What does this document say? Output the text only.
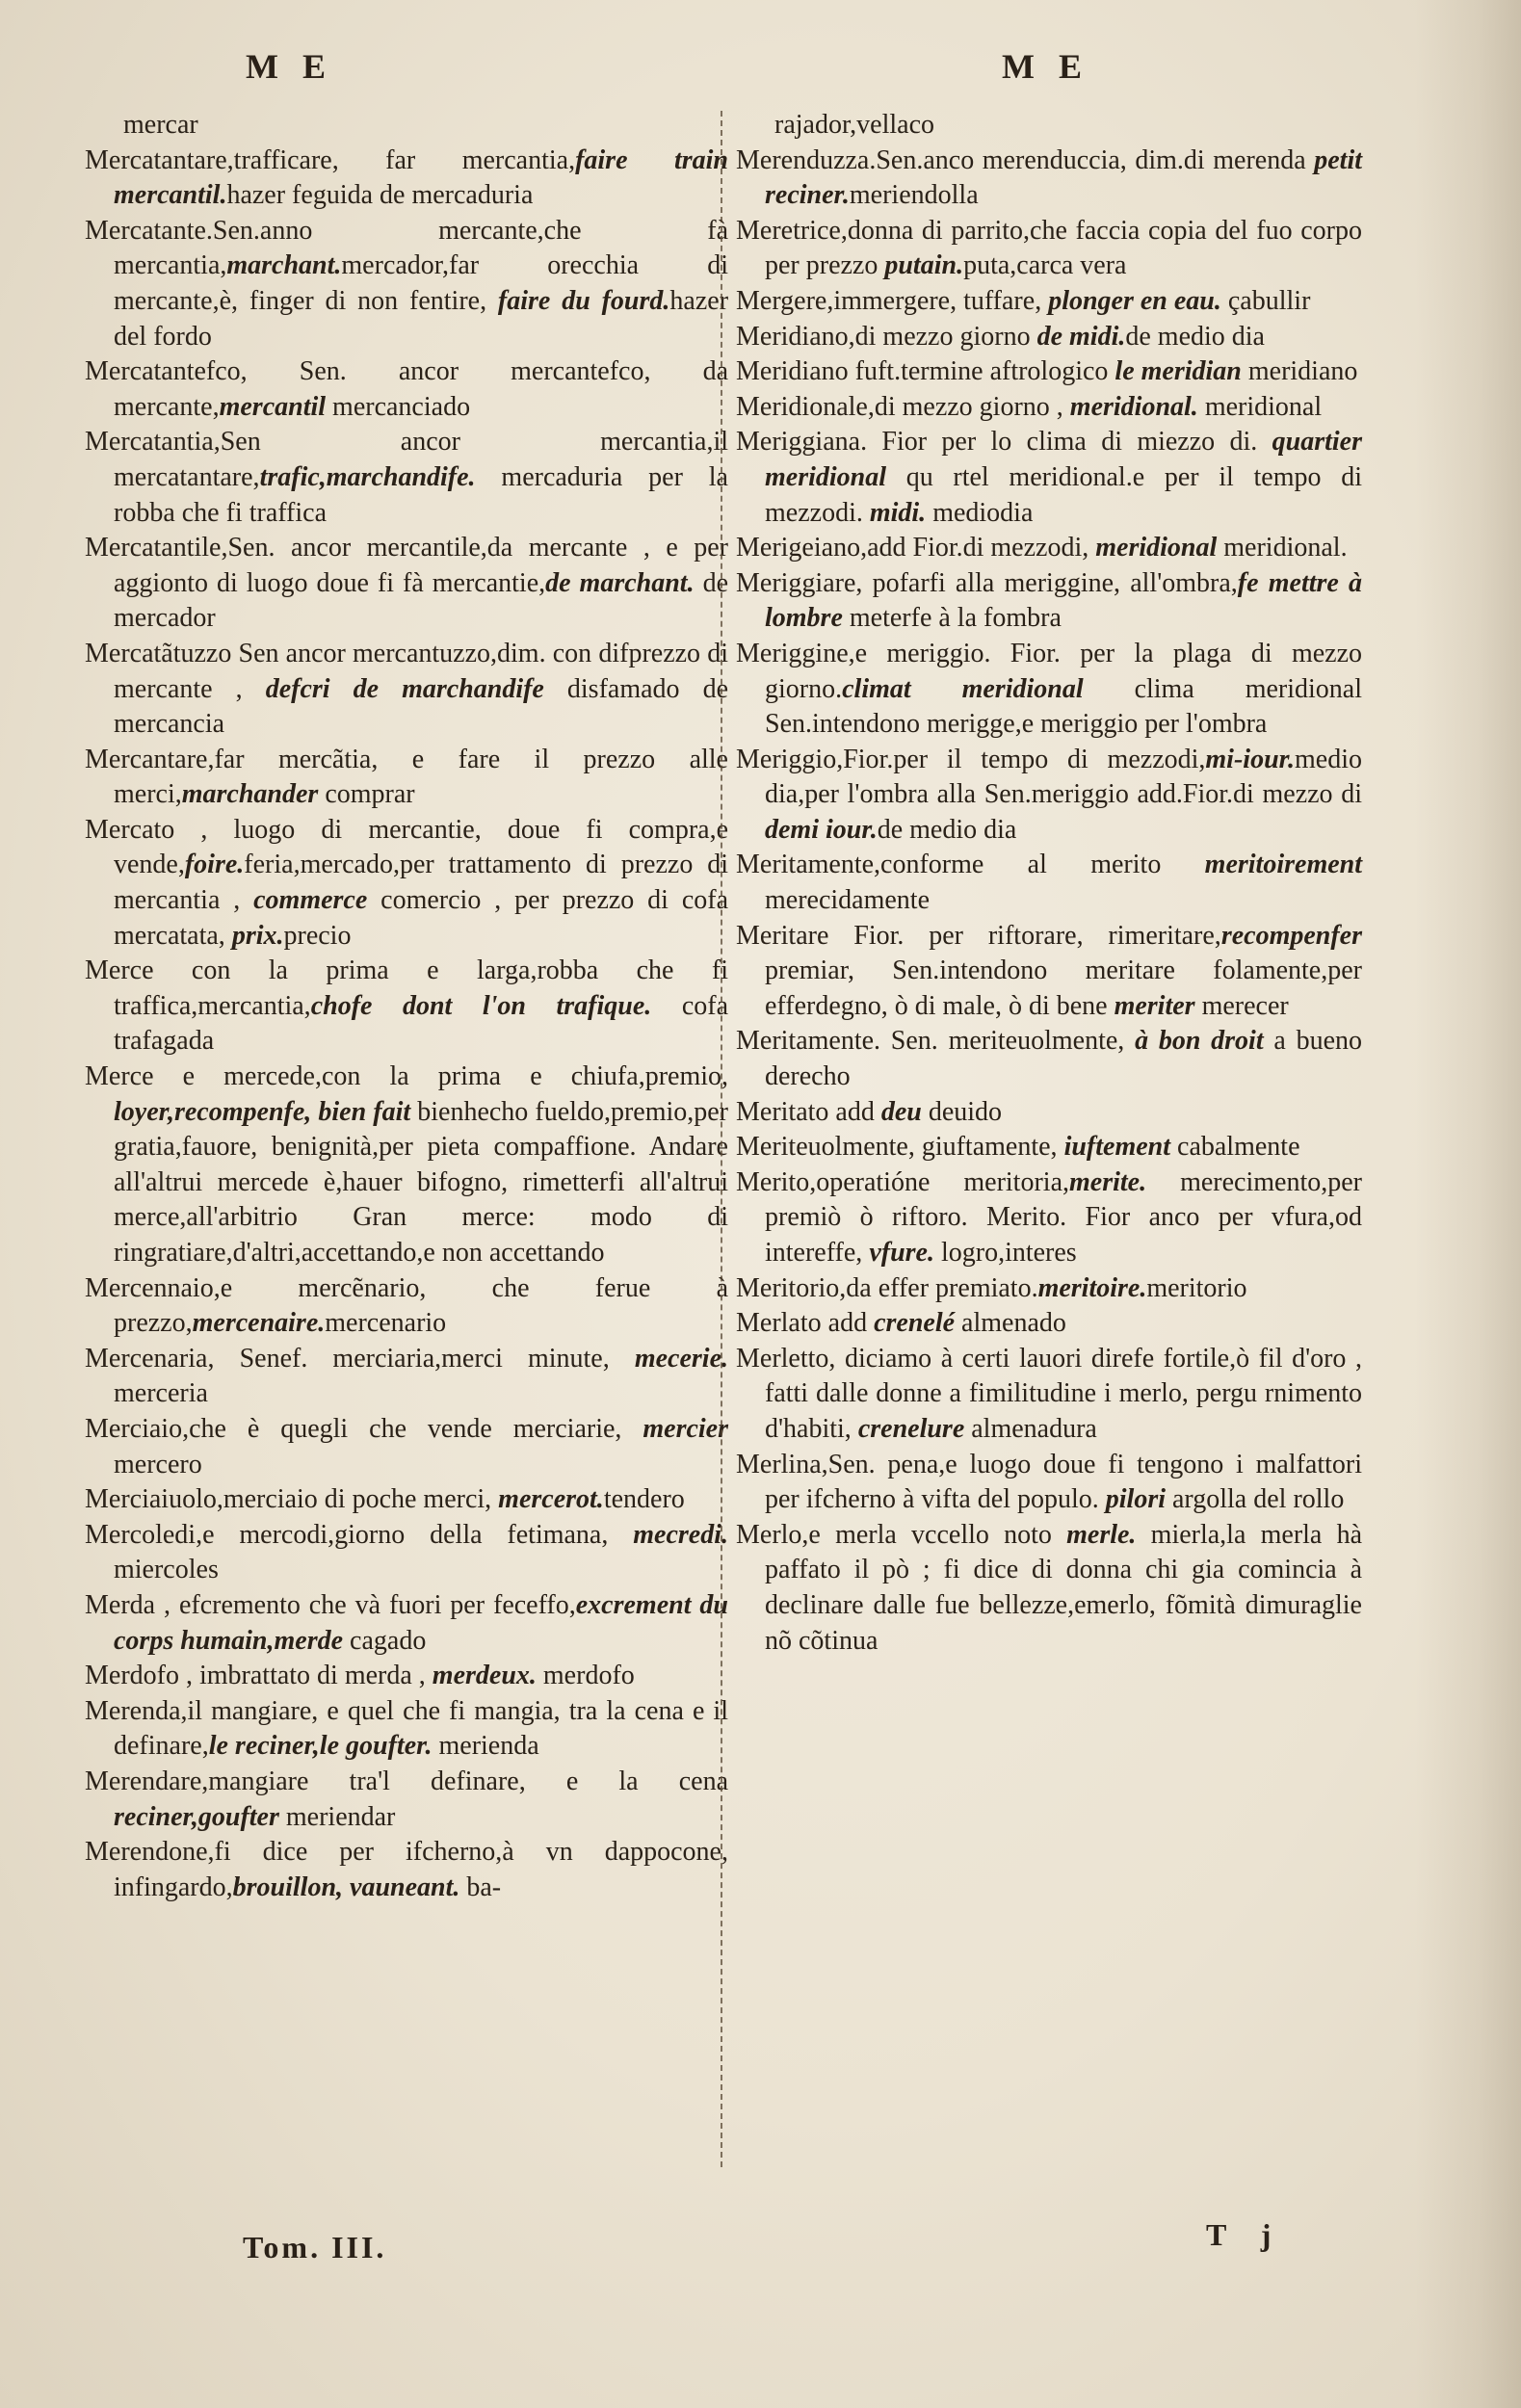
M E	M E

mercar

Mercatantare,trafficare, far mercantia,faire train mercantil.hazer feguida de mercaduria

Mercatante.Sen.anno mercante,che fà mercantia,marchant.mercador,far orecchia di mercante,è, finger di non fentire, faire du fourd.hazer del fordo

Mercatantefco, Sen. ancor mercantefco, da mercante,mercantil mercanciado

Mercatantia,Sen ancor mercantia,il mercatantare,trafic,marchandife. mercaduria per la robba che fi traffica

Mercatantile,Sen. ancor mercantile,da mercante , e per aggionto di luogo doue fi fà mercantie,de marchant. de mercador

Mercatãtuzzo Sen ancor mercantuzzo,dim. con difprezzo di mercante , defcri de marchandife disfamado de mercancia

Mercantare,far mercãtia, e fare il prezzo alle merci,marchander comprar

Mercato , luogo di mercantie, doue fi compra,e vende,foire.feria,mercado,per trattamento di prezzo di mercantia , commerce comercio , per prezzo di cofa mercatata, prix.precio

Merce con la prima e larga,robba che fi traffica,mercantia,chofe dont l'on trafique. cofa trafagada

Merce e mercede,con la prima e chiufa,premio, loyer,recompenfe, bien fait bienhecho fueldo,premio,per gratia,fauore, benignità,per pieta compaffione. Andare all'altrui mercede è,hauer bifogno, rimetterfi all'altrui merce,all'arbitrio Gran merce: modo di ringratiare,d'altri,accettando,e non accettando

Mercennaio,e mercẽnario, che ferue à prezzo,mercenaire.mercenario

Mercenaria, Senef. merciaria,merci minute, mecerie. merceria

Merciaio,che è quegli che vende merciarie, mercier mercero

Merciaiuolo,merciaio di poche merci, mercerot.tendero

Mercoledi,e mercodi,giorno della fetimana, mecredi. miercoles

Merda , efcremento che và fuori per feceffo,excrement du corps humain,merde cagado

Merdofo , imbrattato di merda , merdeux. merdofo

Merenda,il mangiare, e quel che fi mangia, tra la cena e il definare,le reciner,le goufter. merienda

Merendare,mangiare tra'l definare, e la cena reciner,goufter meriendar

Merendone,fi dice per ifcherno,à vn dappocone, infingardo,brouillon, vauneant. ba-

rajador,vellaco

Merenduzza.Sen.anco merenduccia, dim.di merenda petit reciner.meriendolla

Meretrice,donna di parrito,che faccia copia del fuo corpo per prezzo putain.puta,carca vera

Mergere,immergere, tuffare, plonger en eau. çabullir

Meridiano,di mezzo giorno de midi.de medio dia

Meridiano fuft.termine aftrologico le meridian meridiano

Meridionale,di mezzo giorno , meridional. meridional

Meriggiana. Fior per lo clima di miezzo di. quartier meridional qu rtel meridional.e per il tempo di mezzodi. midi. mediodia

Merigeiano,add Fior.di mezzodi, meridional meridional.

Meriggiare, pofarfi alla meriggine, all'ombra,fe mettre à lombre meterfe à la fombra

Meriggine,e meriggio. Fior. per la plaga di mezzo giorno.climat meridional clima meridional Sen.intendono merigge,e meriggio per l'ombra

Meriggio,Fior.per il tempo di mezzodi,mi-iour.medio dia,per l'ombra alla Sen.meriggio add.Fior.di mezzo di demi iour.de medio dia

Meritamente,conforme al merito meritoirement merecidamente

Meritare Fior. per riftorare, rimeritare,recompenfer premiar, Sen.intendono meritare folamente,per efferdegno, ò di male, ò di bene meriter merecer

Meritamente. Sen. meriteuolmente, à bon droit a bueno derecho

Meritato add deu deuido

Meriteuolmente, giuftamente, iuftement cabalmente

Merito,operatióne meritoria,merite. merecimento,per premiò ò riftoro. Merito. Fior anco per vfura,od intereffe, vfure. logro,interes

Meritorio,da effer premiato.meritoire.meritorio

Merlato add crenelé almenado

Merletto, diciamo à certi lauori direfe fortile,ò fil d'oro , fatti dalle donne a fimilitudine i merlo, pergu rnimento d'habiti, crenelure almenadura

Merlina,Sen. pena,e luogo doue fi tengono i malfattori per ifcherno à vifta del populo. pilori argolla del rollo

Merlo,e merla vccello noto merle. mierla,la merla hà paffato il pò ; fi dice di donna chi gia comincia à declinare dalle fue bellezze,emerlo, fõmità dimuraglie nõ cõtinua

Tom. III.	T j
